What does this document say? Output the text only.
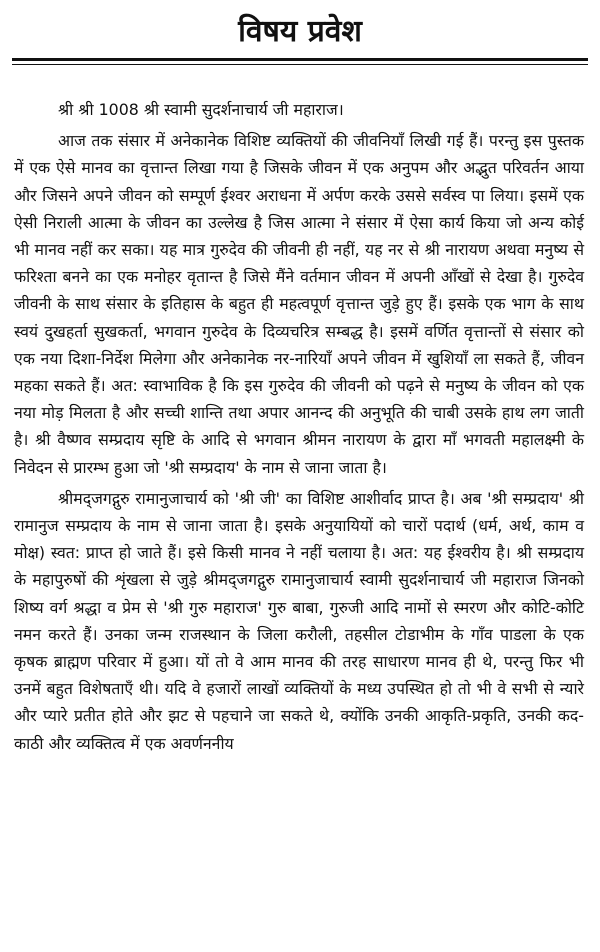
विषय प्रवेश

श्री श्री 1008 श्री स्वामी सुदर्शनाचार्य जी महाराज।

आज तक संसार में अनेकानेक विशिष्ट व्यक्तियों की जीवनियाँ लिखी गई हैं। परन्तु इस पुस्तक में एक ऐसे मानव का वृत्तान्त लिखा गया है जिसके जीवन में एक अनुपम और अद्भुत परिवर्तन आया और जिसने अपने जीवन को सम्पूर्ण ईश्वर अराधना में अर्पण करके उससे सर्वस्व पा लिया। इसमें एक ऐसी निराली आत्मा के जीवन का उल्लेख है जिस आत्मा ने संसार में ऐसा कार्य किया जो अन्य कोई भी मानव नहीं कर सका। यह मात्र गुरुदेव की जीवनी ही नहीं, यह नर से श्री नारायण अथवा मनुष्य से फरिश्ता बनने का एक मनोहर वृतान्त है जिसे मैंने वर्तमान जीवन में अपनी आँखों से देखा है। गुरुदेव जीवनी के साथ संसार के इतिहास के बहुत ही महत्वपूर्ण वृत्तान्त जुड़े हुए हैं। इसके एक भाग के साथ स्वयं दुखहर्ता सुखकर्ता, भगवान गुरुदेव के दिव्यचरित्र सम्बद्ध है। इसमें वर्णित वृत्तान्तों से संसार को एक नया दिशा-निर्देश मिलेगा और अनेकानेक नर-नारियाँ अपने जीवन में खुशियाँ ला सकते हैं, जीवन महका सकते हैं। अत: स्वाभाविक है कि इस गुरुदेव की जीवनी को पढ़ने से मनुष्य के जीवन को एक नया मोड़ मिलता है और सच्ची शान्ति तथा अपार आनन्द की अनुभूति की चाबी उसके हाथ लग जाती है। श्री वैष्णव सम्प्रदाय सृष्टि के आदि से भगवान श्रीमन नारायण के द्वारा माँ भगवती महालक्ष्मी के निवेदन से प्रारम्भ हुआ जो 'श्री सम्प्रदाय' के नाम से जाना जाता है।

श्रीमद्जगद्गुरु रामानुजाचार्य को 'श्री जी' का विशिष्ट आशीर्वाद प्राप्त है। अब 'श्री सम्प्रदाय' श्री रामानुज सम्प्रदाय के नाम से जाना जाता है। इसके अनुयायियों को चारों पदार्थ (धर्म, अर्थ, काम व मोक्ष) स्वत: प्राप्त हो जाते हैं। इसे किसी मानव ने नहीं चलाया है। अत: यह ईश्वरीय है। श्री सम्प्रदाय के महापुरुषों की शृंखला से जुड़े श्रीमद्जगद्गुरु रामानुजाचार्य स्वामी सुदर्शनाचार्य जी महाराज जिनको शिष्य वर्ग श्रद्धा व प्रेम से 'श्री गुरु महाराज' गुरु बाबा, गुरुजी आदि नामों से स्मरण और कोटि-कोटि नमन करते हैं। उनका जन्म राजस्थान के जिला करौली, तहसील टोडाभीम के गाँव पाडला के एक कृषक ब्राह्मण परिवार में हुआ। यों तो वे आम मानव की तरह साधारण मानव ही थे, परन्तु फिर भी उनमें बहुत विशेषताएँ थी। यदि वे हजारों लाखों व्यक्तियों के मध्य उपस्थित हो तो भी वे सभी से न्यारे और प्यारे प्रतीत होते और झट से पहचाने जा सकते थे, क्योंकि उनकी आकृति-प्रकृति, उनकी कद-काठी और व्यक्तित्व में एक अवर्णननीय
